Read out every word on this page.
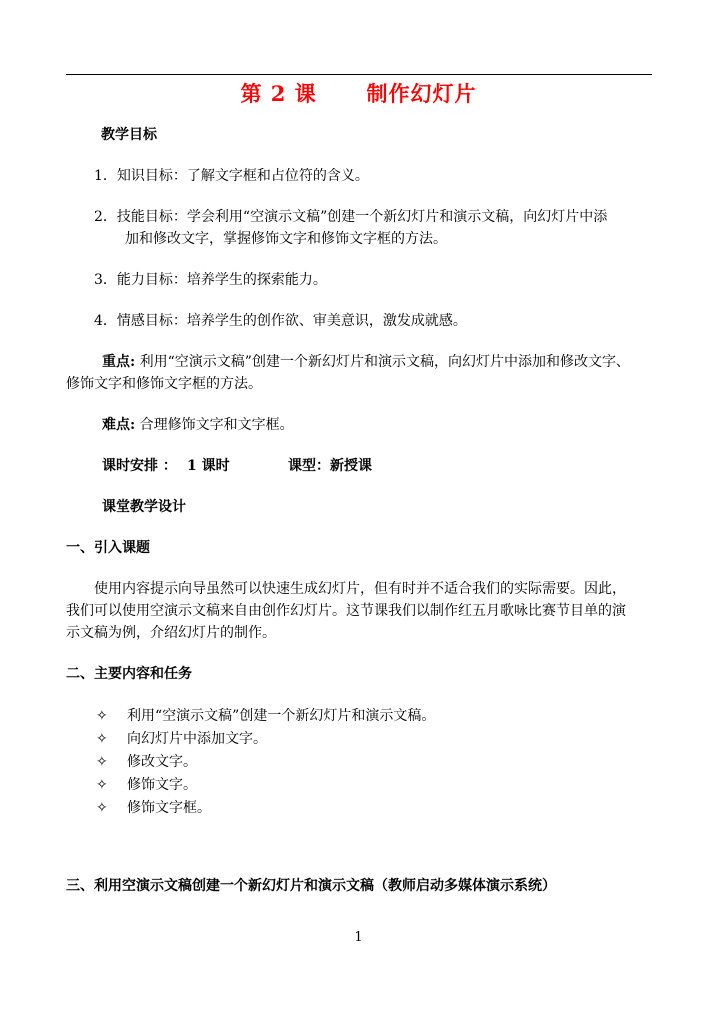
第 2 课      制作幻灯片
教学目标
1．知识目标：了解文字框和占位符的含义。
2．技能目标：学会利用“空演示文稿”创建一个新幻灯片和演示文稿，向幻灯片中添
加和修改文字，掌握修饰文字和修饰文字框的方法。
3．能力目标：培养学生的探索能力。
4．情感目标：培养学生的创作欲、审美意识，激发成就感。
重点: 利用“空演示文稿”创建一个新幻灯片和演示文稿，向幻灯片中添加和修改文字、
修饰文字和修饰文字框的方法。
难点: 合理修饰文字和文字框。
课时安排 ： 1 课时	课型：新授课
课堂教学设计
一、引入课题
使用内容提示向导虽然可以快速生成幻灯片，但有时并不适合我们的实际需要。因此，
我们可以使用空演示文稿来自由创作幻灯片。这节课我们以制作红五月歌咏比赛节目单的演
示文稿为例，介绍幻灯片的制作。
二、主要内容和任务
✧ 利用“空演示文稿”创建一个新幻灯片和演示文稿。
✧ 向幻灯片中添加文字。
✧ 修改文字。
✧ 修饰文字。
✧ 修饰文字框。
三、利用空演示文稿创建一个新幻灯片和演示文稿（教师启动多媒体演示系统）
1
